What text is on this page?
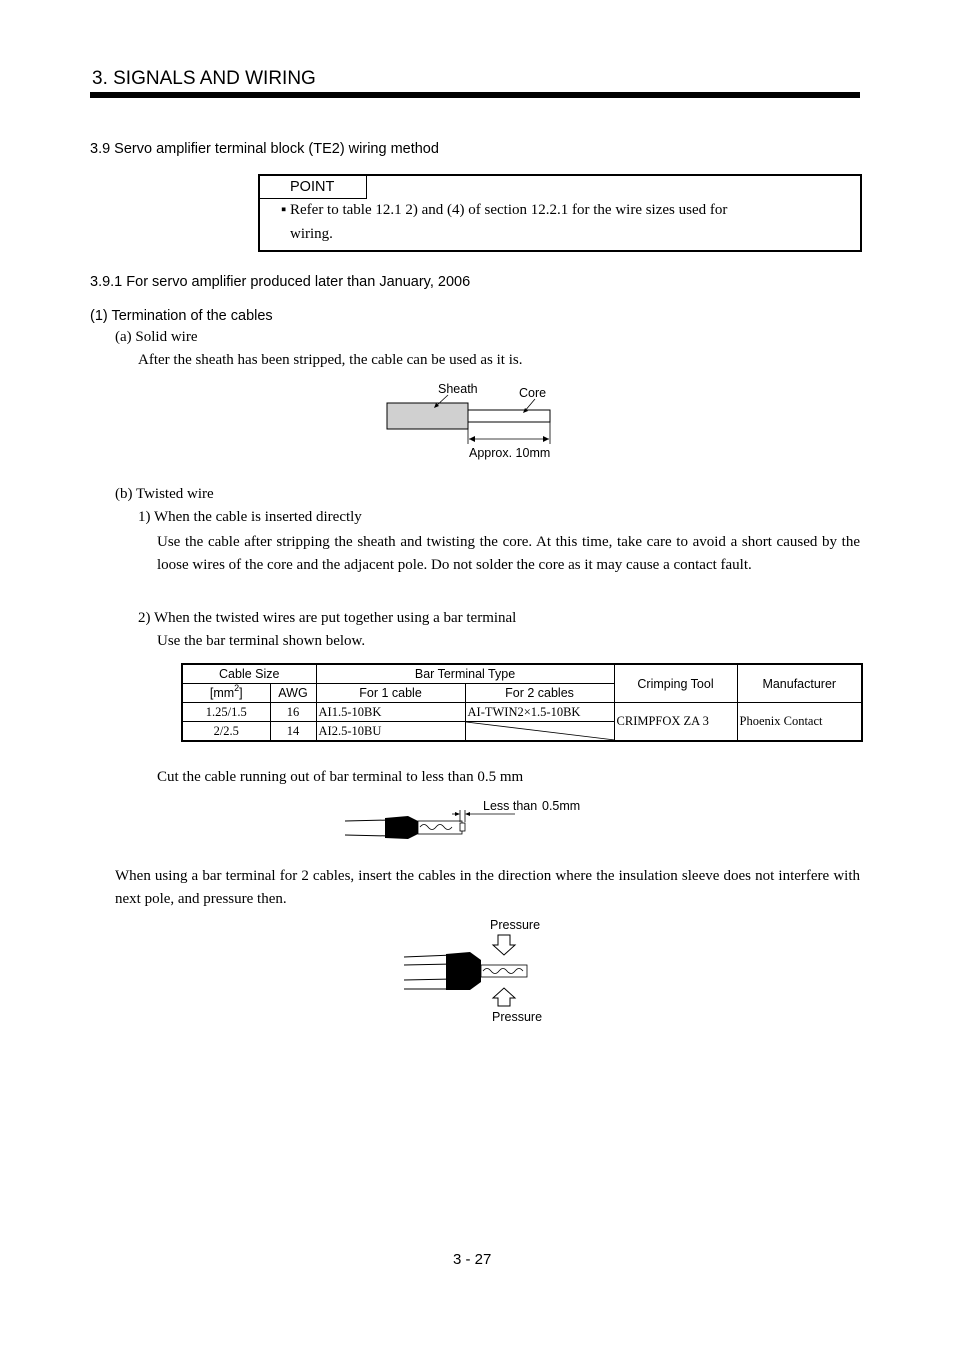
3. SIGNALS AND WIRING
3.9 Servo amplifier terminal block (TE2) wiring method
POINT
▪ Refer to table 12.1 2) and (4) of section 12.2.1 for the wire sizes used for
wiring.
3.9.1 For servo amplifier produced later than January, 2006
(1) Termination of the cables
(a) Solid wire
After the sheath has been stripped, the cable can be used as it is.
Sheath	Core
Approx. 10mm
(b) Twisted wire
1) When the cable is inserted directly
Use the cable after stripping the sheath and twisting the core. At this time, take care to avoid a short caused by the loose wires of the core and the adjacent pole. Do not solder the core as it may cause a contact fault.
2) When the twisted wires are put together using a bar terminal
Use the bar terminal shown below.
Cable Size		Bar Terminal Type		Crimping Tool	Manufacturer
$[mm^2]$	AWG	For 1 cable	For 2 cables		
1.25/1.5	16	AI1.5-10BK	AI-TWIN2×1.5-10BK	CRIMPFOX ZA 3	Phoenix Contact
2/2.5	14	AI2.5-10BU	
Cut the cable running out of bar terminal to less than 0.5 mm
Less than 0.5mm
When using a bar terminal for 2 cables, insert the cables in the direction where the insulation sleeve does not interfere with next pole, and pressure then.
Pressure
Pressure
3 - 27
